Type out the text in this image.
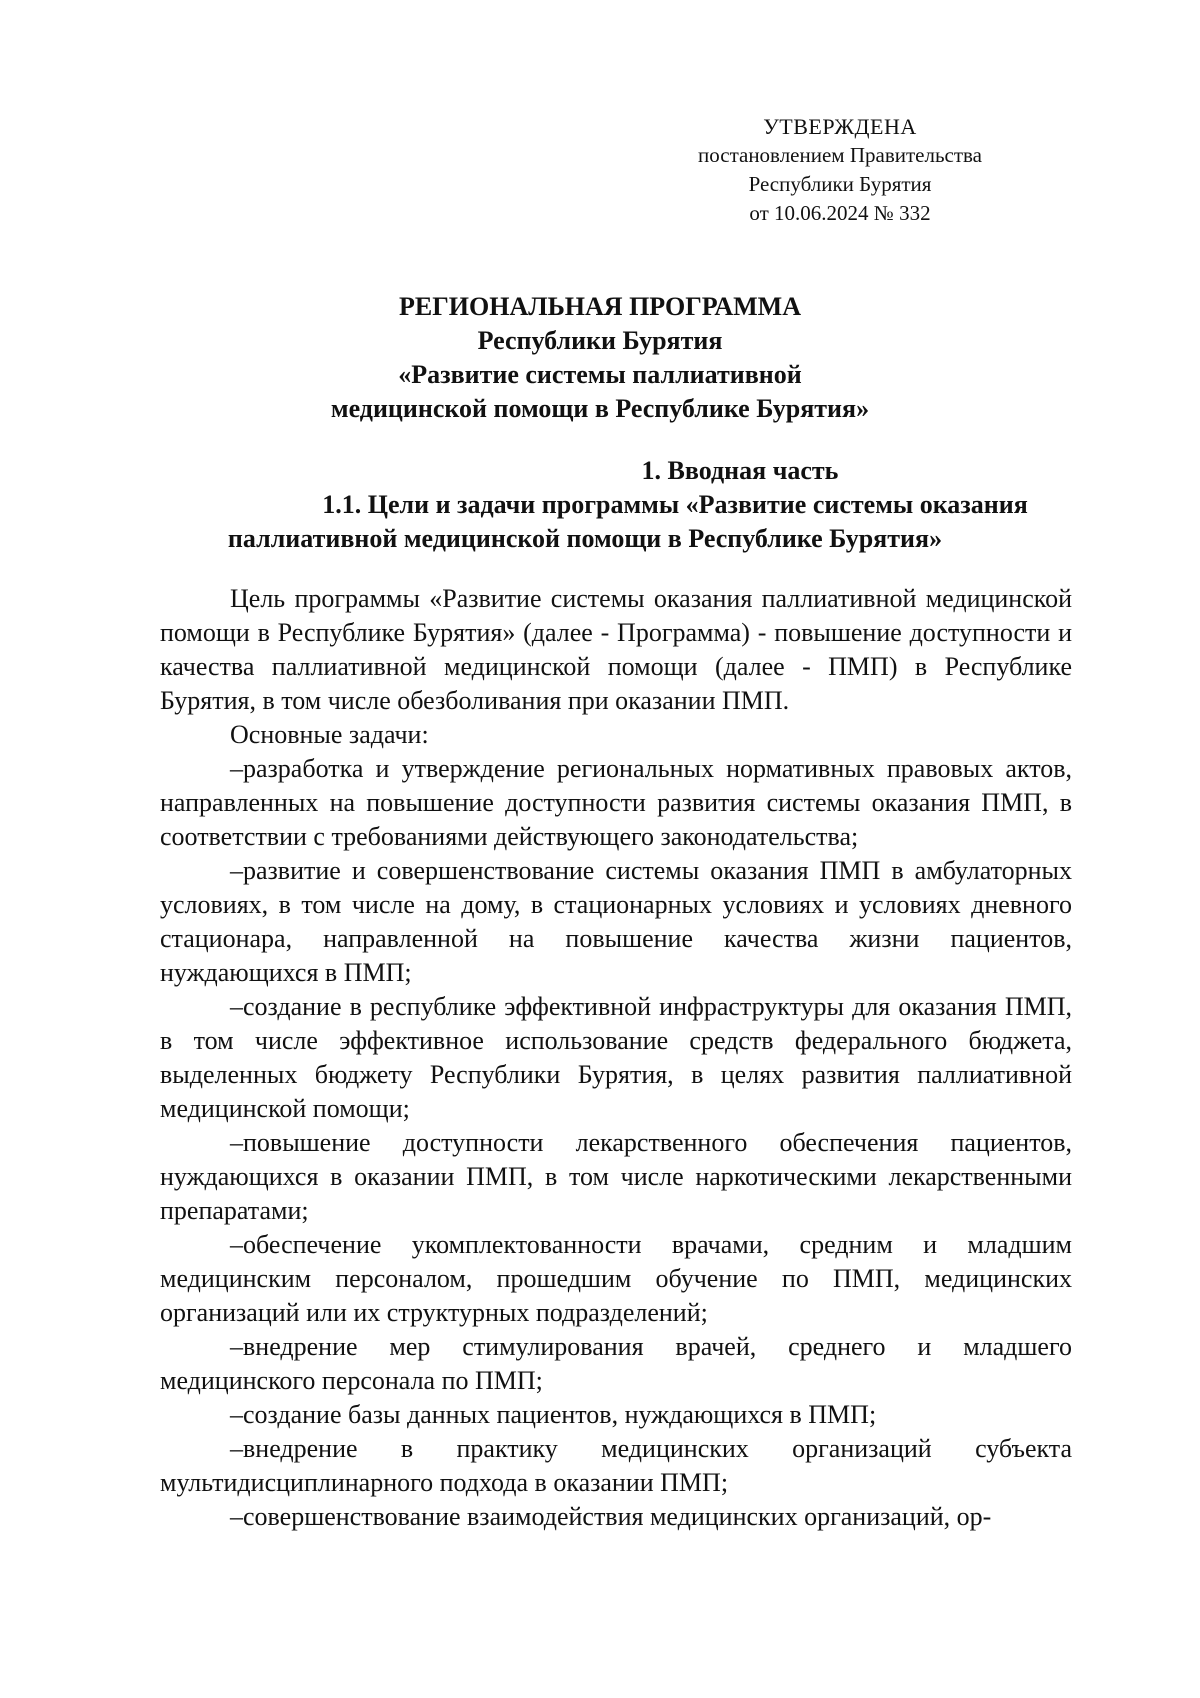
УТВЕРЖДЕНА
постановлением Правительства
Республики Бурятия
от 10.06.2024 № 332
РЕГИОНАЛЬНАЯ ПРОГРАММА
Республики Бурятия
«Развитие системы паллиативной
медицинской помощи в Республике Бурятия»
1. Вводная часть
1.1. Цели и задачи программы «Развитие системы оказания
паллиативной медицинской помощи в Республике Бурятия»

Цель программы «Развитие системы оказания паллиативной медицинской помощи в Республике Бурятия» (далее - Программа) - повышение доступности и качества паллиативной медицинской помощи (далее - ПМП) в Республике Бурятия, в том числе обезболивания при оказании ПМП.

Основные задачи:

–разработка и утверждение региональных нормативных правовых актов, направленных на повышение доступности развития системы оказания ПМП, в соответствии с требованиями действующего законодательства;

–развитие и совершенствование системы оказания ПМП в амбулаторных условиях, в том числе на дому, в стационарных условиях и условиях дневного стационара, направленной на повышение качества жизни пациентов, нуждающихся в ПМП;

–создание в республике эффективной инфраструктуры для оказания ПМП, в том числе эффективное использование средств федерального бюджета, выделенных бюджету Республики Бурятия, в целях развития паллиативной медицинской помощи;

–повышение доступности лекарственного обеспечения пациентов, нуждающихся в оказании ПМП, в том числе наркотическими лекарственными препаратами;

–обеспечение укомплектованности врачами, средним и младшим медицинским персоналом, прошедшим обучение по ПМП, медицинских организаций или их структурных подразделений;

–внедрение мер стимулирования врачей, среднего и младшего медицинского персонала по ПМП;

–создание базы данных пациентов, нуждающихся в ПМП;

–внедрение в практику медицинских организаций субъекта мультидисциплинарного подхода в оказании ПМП;

–совершенствование взаимодействия медицинских организаций, ор-
